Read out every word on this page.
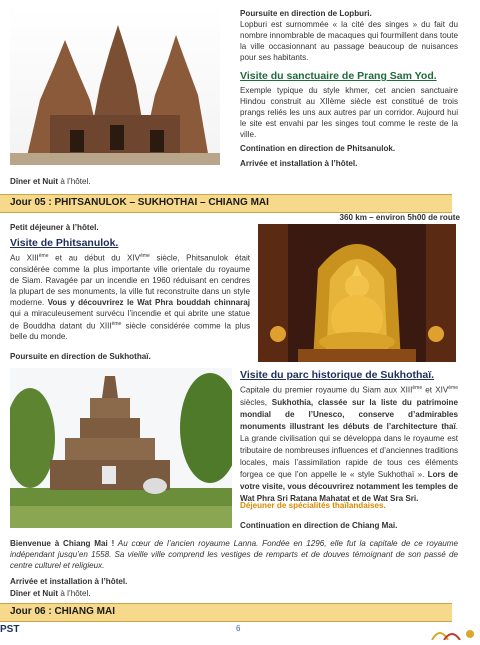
Poursuite en direction de Lopburi.
Lopburi est surnommée « la cité des singes » du fait du nombre innombrable de macaques qui fourmillent dans toute la ville occasionnant au passage beaucoup de nuisances pour ses habitants.
Visite du sanctuaire de Prang Sam Yod.
Exemple typique du style khmer, cet ancien sanctuaire Hindou construit au XIIème siècle est constitué de trois prangs reliés les uns aux autres par un corridor. Aujourd hui le site est envahi par les singes tout comme le reste de la ville.
Contination en direction de Phitsanulok.
Arrivée et installation à l’hôtel.
Dîner et Nuit à l’hôtel.
Jour 05 : PHITSANULOK – SUKHOTHAI – CHIANG MAI
360 km – environ 5h00 de route
Petit déjeuner à l’hôtel.
Visite de Phitsanulok.
Au XIIIème et au début du XIVème siècle, Phitsanulok était considérée comme la plus importante ville orientale du royaume de Siam. Ravagée par un incendie en 1960 réduisant en cendres la plupart de ses monuments, la ville fut reconstruite dans un style moderne. Vous y découvrirez le Wat Phra bouddah chinnaraj qui a miraculeusement survécu l’incendie et qui abrite une statue de Bouddha datant du XIIIème siècle considérée comme la plus belle du monde.
Poursuite en direction de Sukhothaï.
Visite du parc historique de Sukhothaï.
Capitale du premier royaume du Siam aux XIIIème et XIVème siècles, Sukhothia, classée sur la liste du patrimoine mondial de l’Unesco, conserve d’admirables monuments illustrant les débuts de l’architecture thaï. La grande civilisation qui se développa dans le royaume est tributaire de nombreuses influences et d’anciennes traditions locales, mais l’assimilation rapide de tous ces éléments forgea ce que l’on appelle le « style Sukhothaï ». Lors de votre visite, vous découvrirez notamment les temples de Wat Phra Sri Ratana Mahatat et de Wat Sra Sri.
Déjeuner de spécialités thaïlandaises.
Continuation en direction de Chiang Mai.
Bienvenue à Chiang Mai ! Au cœur de l’ancien royaume Lanna. Fondée en 1296, elle fut la capitale de ce royaume indépendant jusqu’en 1558. Sa vieille ville comprend les vestiges de remparts et de douves témoignant de son passé de centre culturel et religieux.
Arrivée et installation à l’hôtel.
Dîner et Nuit à l’hôtel.
Jour 06 : CHIANG MAI
6
PST
